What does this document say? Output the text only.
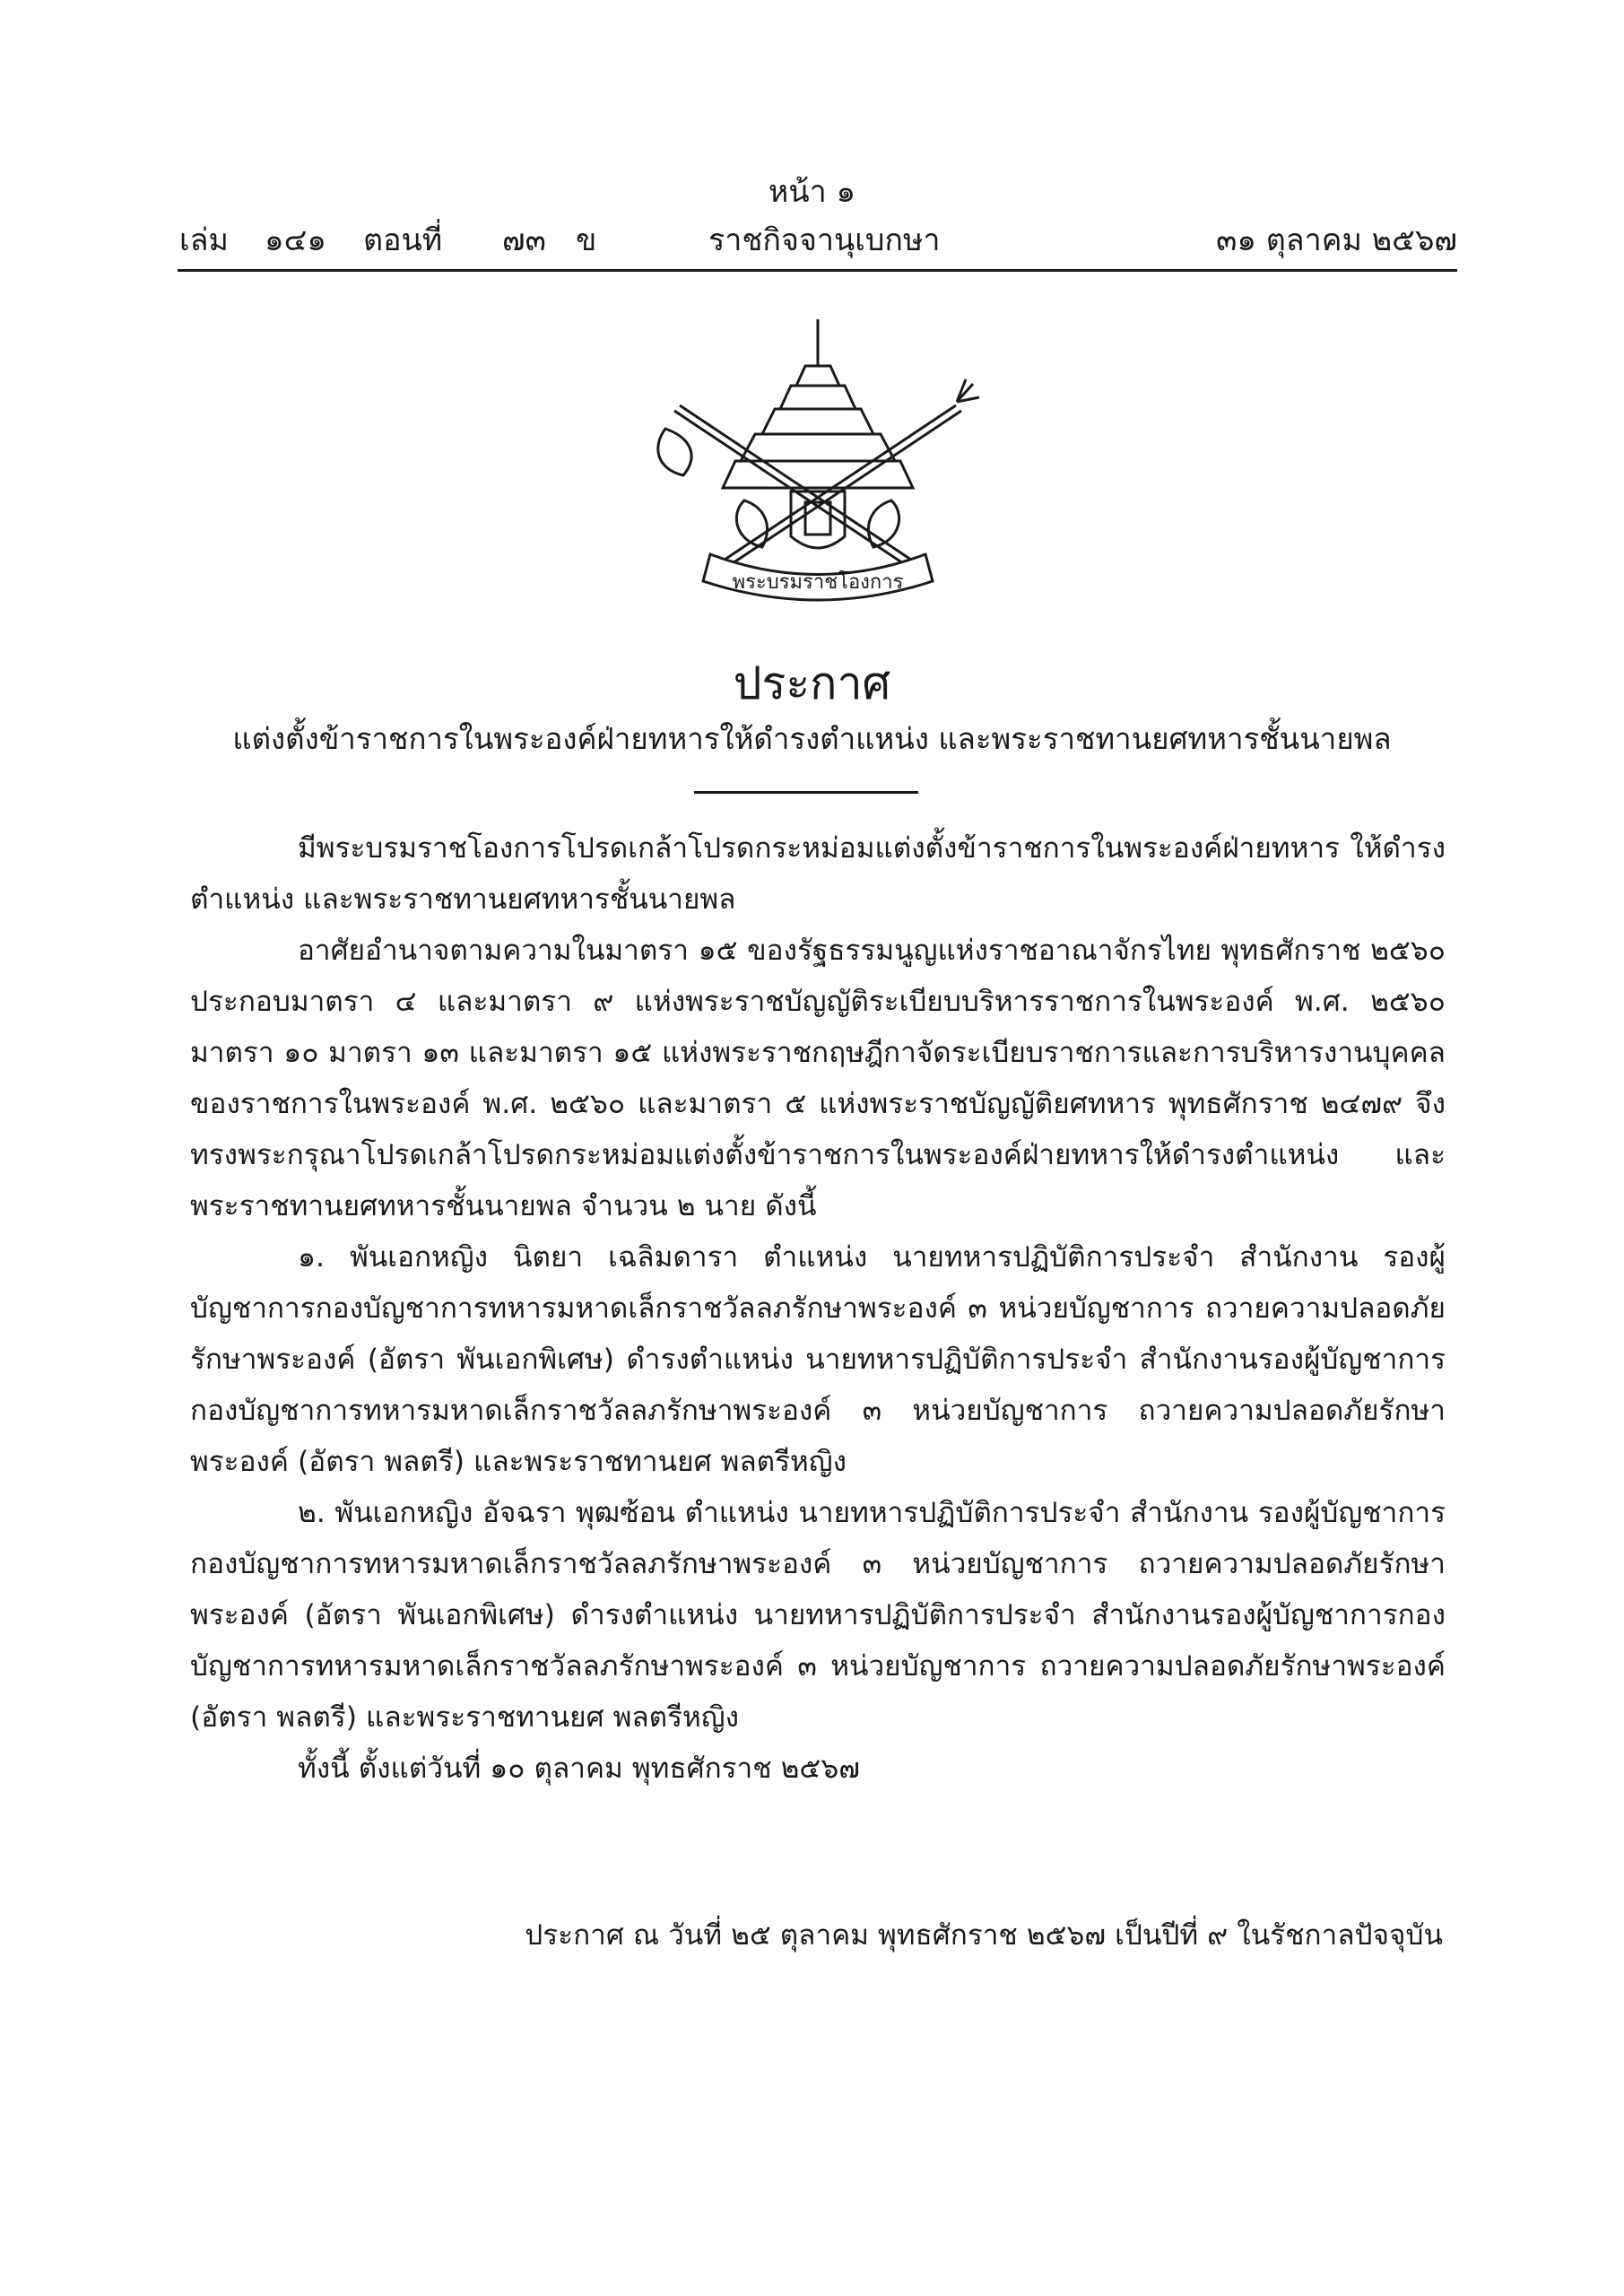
หน้า ๑
เล่ม ๑๔๑ ตอนที่ ๗๓ ข	ราชกิจจานุเบกษา	๓๑ ตุลาคม ๒๕๖๗
พระบรมราชโองการ
ประกาศ
แต่งตั้งข้าราชการในพระองค์ฝ่ายทหารให้ดำรงตำแหน่ง และพระราชทานยศทหารชั้นนายพล

มีพระบรมราชโองการโปรดเกล้าโปรดกระหม่อมแต่งตั้งข้าราชการในพระองค์ฝ่ายทหาร ให้ดำรงตำแหน่ง และพระราชทานยศทหารชั้นนายพล

อาศัยอำนาจตามความในมาตรา ๑๕ ของรัฐธรรมนูญแห่งราชอาณาจักรไทย พุทธศักราช ๒๕๖๐ ประกอบมาตรา ๔ และมาตรา ๙ แห่งพระราชบัญญัติระเบียบบริหารราชการในพระองค์ พ.ศ. ๒๕๖๐ มาตรา ๑๐ มาตรา ๑๓ และมาตรา ๑๕ แห่งพระราชกฤษฎีกาจัดระเบียบราชการและการบริหารงานบุคคล ของราชการในพระองค์ พ.ศ. ๒๕๖๐ และมาตรา ๕ แห่งพระราชบัญญัติยศทหาร พุทธศักราช ๒๔๗๙ จึงทรงพระกรุณาโปรดเกล้าโปรดกระหม่อมแต่งตั้งข้าราชการในพระองค์ฝ่ายทหารให้ดำรงตำแหน่ง และพระราชทานยศทหารชั้นนายพล จำนวน ๒ นาย ดังนี้

๑. พันเอกหญิง นิตยา เฉลิมดารา ตำแหน่ง นายทหารปฏิบัติการประจำ สำนักงาน รองผู้บัญชาการกองบัญชาการทหารมหาดเล็กราชวัลลภรักษาพระองค์ ๓ หน่วยบัญชาการ ถวายความปลอดภัยรักษาพระองค์ (อัตรา พันเอกพิเศษ) ดำรงตำแหน่ง นายทหารปฏิบัติการประจำ สำนักงานรองผู้บัญชาการกองบัญชาการทหารมหาดเล็กราชวัลลภรักษาพระองค์ ๓ หน่วยบัญชาการ ถวายความปลอดภัยรักษาพระองค์ (อัตรา พลตรี) และพระราชทานยศ พลตรีหญิง

๒. พันเอกหญิง อัจฉรา พุฒซ้อน ตำแหน่ง นายทหารปฏิบัติการประจำ สำนักงาน รองผู้บัญชาการกองบัญชาการทหารมหาดเล็กราชวัลลภรักษาพระองค์ ๓ หน่วยบัญชาการ ถวายความปลอดภัยรักษาพระองค์ (อัตรา พันเอกพิเศษ) ดำรงตำแหน่ง นายทหารปฏิบัติการประจำ สำนักงานรองผู้บัญชาการกองบัญชาการทหารมหาดเล็กราชวัลลภรักษาพระองค์ ๓ หน่วยบัญชาการ ถวายความปลอดภัยรักษาพระองค์ (อัตรา พลตรี) และพระราชทานยศ พลตรีหญิง

ทั้งนี้ ตั้งแต่วันที่ ๑๐ ตุลาคม พุทธศักราช ๒๕๖๗

ประกาศ ณ วันที่ ๒๕ ตุลาคม พุทธศักราช ๒๕๖๗ เป็นปีที่ ๙ ในรัชกาลปัจจุบัน
